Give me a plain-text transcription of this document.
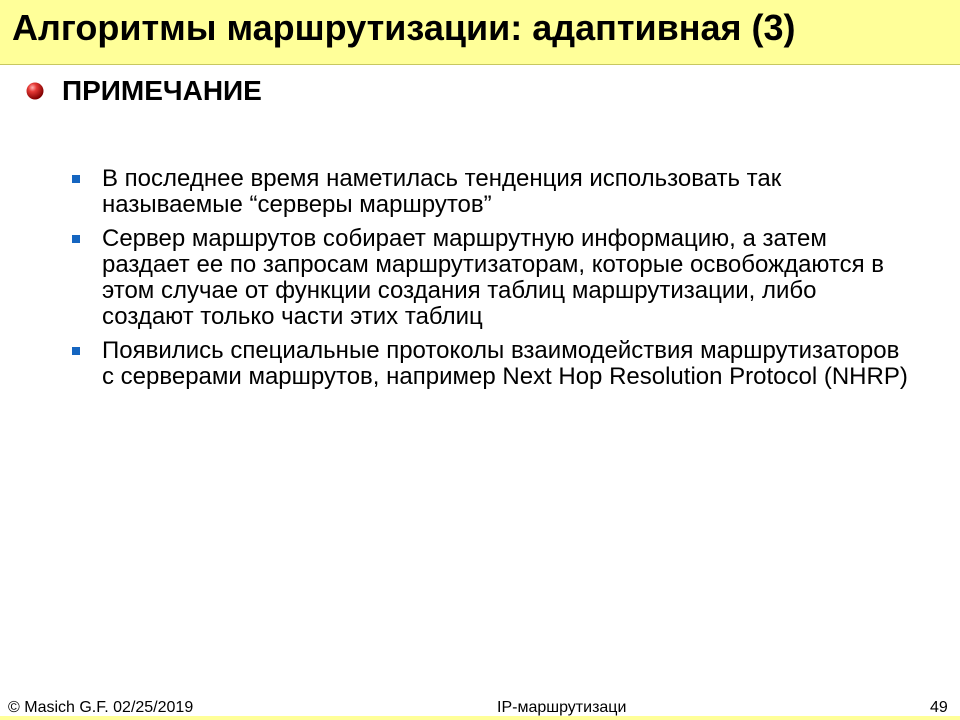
Алгоритмы маршрутизации: адаптивная (3)
ПРИМЕЧАНИЕ
В последнее время наметилась тенденция использовать так называемые “серверы маршрутов”
Сервер маршрутов собирает маршрутную информацию, а затем раздает ее по запросам маршрутизаторам, которые освобождаются в этом случае от функции создания таблиц маршрутизации, либо создают только части этих таблиц
Появились специальные протоколы взаимодействия маршрутизаторов с серверами маршрутов, например Next Hop Resolution Protocol (NHRP)
© Masich G.F. 02/25/2019	IP-маршрутизаци	49
